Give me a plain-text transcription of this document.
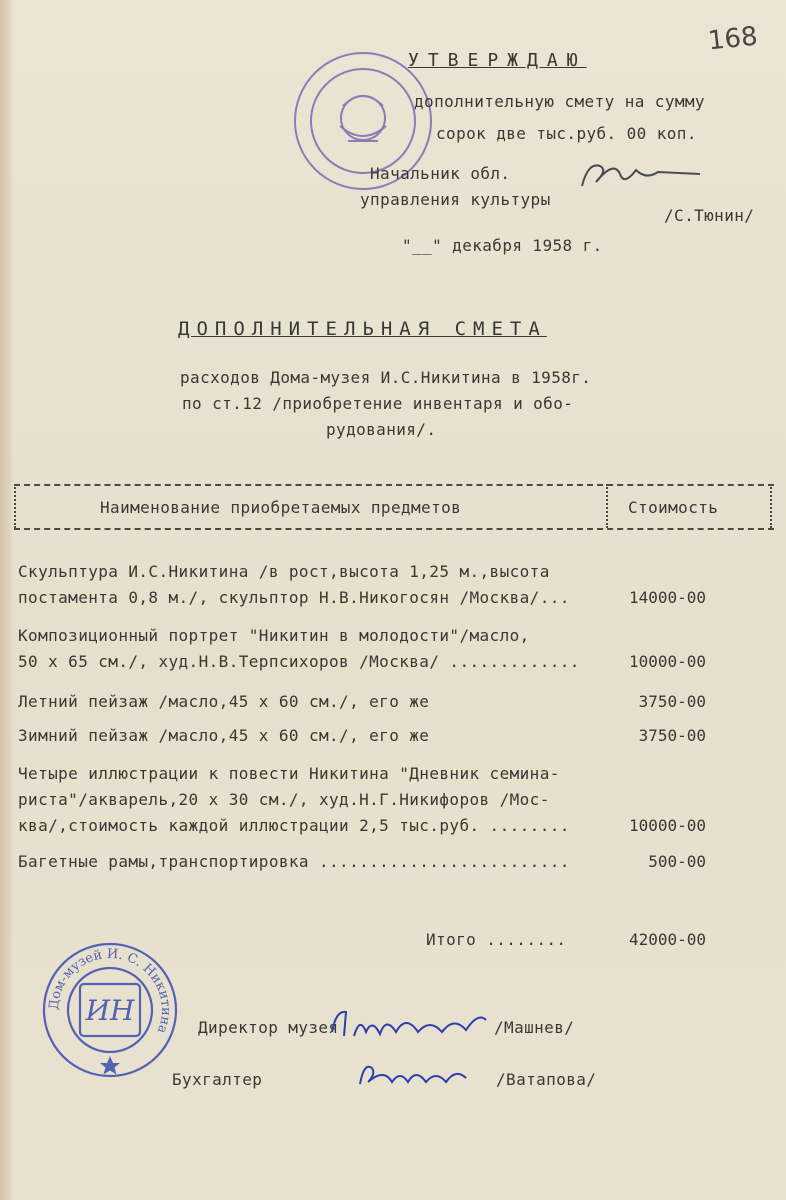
168
УТВЕРЖДАЮ
дополнительную смету на сумму
сорок две тыс.руб. 00 коп.
Начальник обл.
управления культуры
/С.Тюнин/
"__" декабря 1958 г.
ДОПОЛНИТЕЛЬНАЯ СМЕТА
расходов Дома-музея И.С.Никитина в 1958г.
по ст.12 /приобретение инвентаря и обо-
рудования/.
Наименование приобретаемых предметов	Стоимость
Скульптура И.С.Никитина /в рост,высота 1,25 м.,высота
постамента 0,8 м./, скульптор Н.В.Никогосян /Москва/...	14000-00
Композиционный портрет "Никитин в молодости"/масло,
50 х 65 см./, худ.Н.В.Терпсихоров /Москва/ .............	10000-00
Летний пейзаж /масло,45 х 60 см./, его же	3750-00
Зимний пейзаж /масло,45 х 60 см./, его же	3750-00
Четыре иллюстрации к повести Никитина "Дневник семина-
риста"/акварель,20 х 30 см./, худ.Н.Г.Никифоров /Мос-
ква/,стоимость каждой иллюстрации 2,5 тыс.руб. ........	10000-00
Багетные рамы,транспортировка .........................	500-00
Итого ........	42000-00
Дом-музей И. С. Никитина
ИН
Директор музея	/Машнев/
Бухгалтер	/Ватапова/
